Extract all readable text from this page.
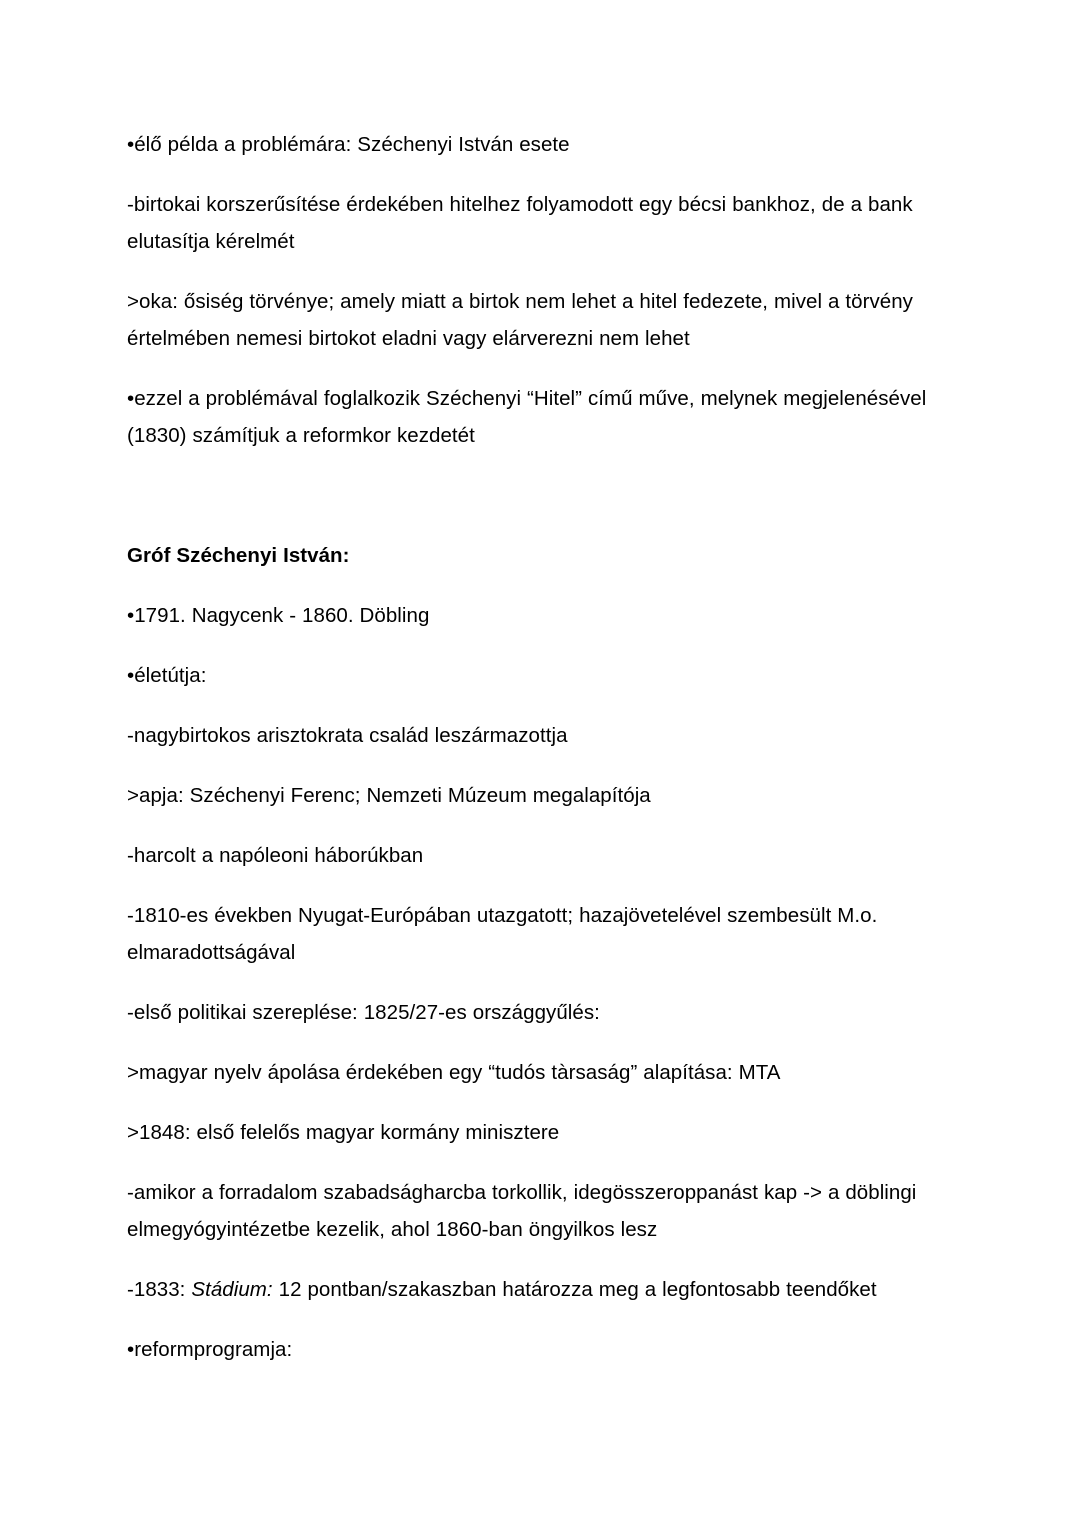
•élő példa a problémára: Széchenyi István esete

-birtokai korszerűsítése érdekében hitelhez folyamodott egy bécsi bankhoz, de a bank elutasítja kérelmét

>oka: ősiség törvénye; amely miatt a birtok nem lehet a hitel fedezete, mivel a törvény értelmében nemesi birtokot eladni vagy elárverezni nem lehet

•ezzel a problémával foglalkozik Széchenyi “Hitel” című műve, melynek megjelenésével (1830) számítjuk a reformkor kezdetét

Gróf Széchenyi István:

•1791. Nagycenk - 1860. Döbling

•életútja:

-nagybirtokos arisztokrata család leszármazottja

>apja: Széchenyi Ferenc; Nemzeti Múzeum megalapítója

-harcolt a napóleoni háborúkban

-1810-es években Nyugat-Európában utazgatott; hazajövetelével szembesült M.o. elmaradottságával

-első politikai szereplése: 1825/27-es országgyűlés:

>magyar nyelv ápolása érdekében egy “tudós tàrsaság” alapítása: MTA

>1848: első felelős magyar kormány minisztere

-amikor a forradalom szabadságharcba torkollik, idegösszeroppanást kap -> a döblingi elmegyógyintézetbe kezelik, ahol 1860-ban öngyilkos lesz

-1833: Stádium: 12 pontban/szakaszban határozza meg a legfontosabb teendőket

•reformprogramja:
